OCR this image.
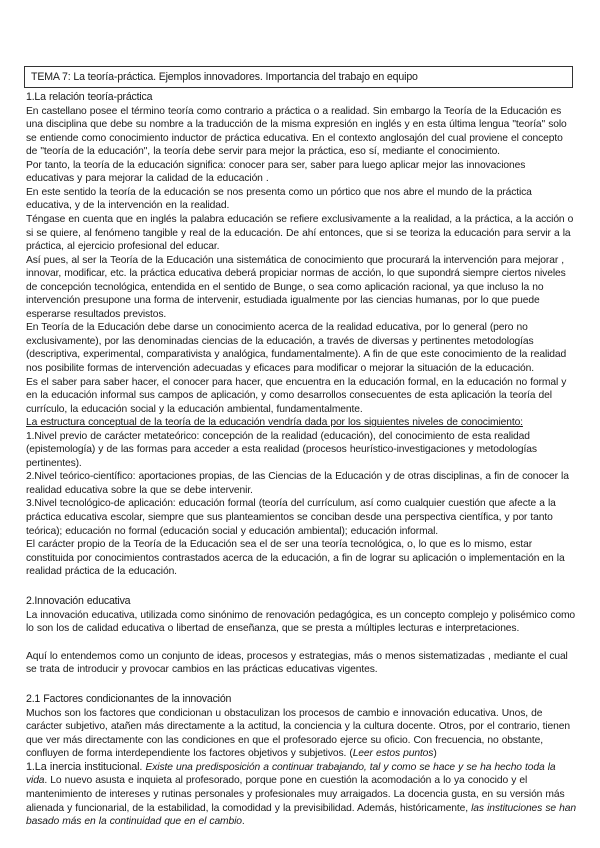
TEMA 7: La teoría-práctica. Ejemplos innovadores. Importancia del trabajo en equipo
1.La relación teoría-práctica

En castellano posee el término teoría como contrario a práctica o a realidad. Sin embargo la Teoría de la Educación es una disciplina que debe su nombre a la traducción de la misma expresión en inglés y en esta última lengua "teoría" solo se entiende como conocimiento inductor de práctica educativa. En el contexto anglosajón del cual proviene el concepto de "teoría de la educación", la teoría debe servir para mejor la práctica, eso sí, mediante el conocimiento.

Por tanto, la teoría de la educación significa: conocer para ser, saber para luego aplicar mejor las innovaciones educativas y para mejorar la calidad de la educación .

En este sentido la teoría de la educación se nos presenta como un pórtico que nos abre el mundo de la práctica educativa, y de la intervención en la realidad.

Téngase en cuenta que en inglés la palabra educación se refiere exclusivamente a la realidad, a la práctica, a la acción o si se quiere, al fenómeno tangible y real de la educación. De ahí entonces, que si se teoriza la educación para servir a la práctica, al ejercicio profesional del educar.

Así pues, al ser la Teoría de la Educación una sistemática de conocimiento que procurará la intervención para mejorar , innovar, modificar, etc. la práctica educativa deberá propiciar normas de acción, lo que supondrá siempre ciertos niveles de concepción tecnológica, entendida en el sentido de Bunge, o sea como aplicación racional, ya que incluso la no intervención presupone una forma de intervenir, estudiada igualmente por las ciencias humanas, por lo que puede esperarse resultados previstos.

En Teoría de la Educación debe darse un conocimiento acerca de la realidad educativa, por lo general (pero no exclusivamente), por las denominadas ciencias de la educación, a través de diversas y pertinentes metodologías (descriptiva, experimental, comparativista y analógica, fundamentalmente). A fin de que este conocimiento de la realidad nos posibilite formas de intervención adecuadas y eficaces para modificar o mejorar la situación de la educación.

Es el saber para saber hacer, el conocer para hacer, que encuentra en la educación formal, en la educación no formal y en la educación informal sus campos de aplicación, y como desarrollos consecuentes de esta aplicación la teoría del currículo, la educación social y la educación ambiental, fundamentalmente.

La estructura conceptual de la teoría de la educación vendría dada por los siguientes niveles de conocimiento:

1.Nivel previo de carácter metateórico: concepción de la realidad (educación), del conocimiento de esta realidad (epistemología) y de las formas para acceder a esta realidad (procesos heurístico-investigaciones y metodologías pertinentes).

2.Nivel teórico-científico: aportaciones propias, de las Ciencias de la Educación y de otras disciplinas, a fin de conocer la realidad educativa sobre la que se debe intervenir.

3.Nivel tecnológico-de aplicación: educación formal (teoría del currículum, así como cualquier cuestión que afecte a la práctica educativa escolar, siempre que sus planteamientos se conciban desde una perspectiva científica, y por tanto teórica); educación no formal (educación social y educación ambiental); educación informal.

El carácter propio de la Teoría de la Educación sea el de ser una teoría tecnológica, o, lo que es lo mismo, estar constituida por conocimientos contrastados acerca de la educación, a fin de lograr su aplicación o implementación en la realidad práctica de la educación.

2.Innovación educativa

La innovación educativa, utilizada como sinónimo de renovación pedagógica, es un concepto complejo y polisémico como lo son los de calidad educativa o libertad de enseñanza, que se presta a múltiples lecturas e interpretaciones.

Aquí lo entendemos como un conjunto de ideas, procesos y estrategias, más o menos sistematizadas , mediante el cual se trata de introducir y provocar cambios en las prácticas educativas vigentes.

2.1 Factores condicionantes de la innovación

Muchos son los factores que condicionan u obstaculizan los procesos de cambio e innovación educativa. Unos, de carácter subjetivo, atañen más directamente a la actitud, la conciencia y la cultura docente. Otros, por el contrario, tienen que ver más directamente con las condiciones en que el profesorado ejerce su oficio. Con frecuencia, no obstante, confluyen de forma interdependiente los factores objetivos y subjetivos. (Leer estos puntos)

1.La inercia institucional. Existe una predisposición a continuar trabajando, tal y como se hace y se ha hecho toda la vida. Lo nuevo asusta e inquieta al profesorado, porque pone en cuestión la acomodación a lo ya conocido y el mantenimiento de intereses y rutinas personales y profesionales muy arraigados. La docencia gusta, en su versión más alienada y funcionarial, de la estabilidad, la comodidad y la previsibilidad. Además, históricamente, las instituciones se han basado más en la continuidad que en el cambio.
